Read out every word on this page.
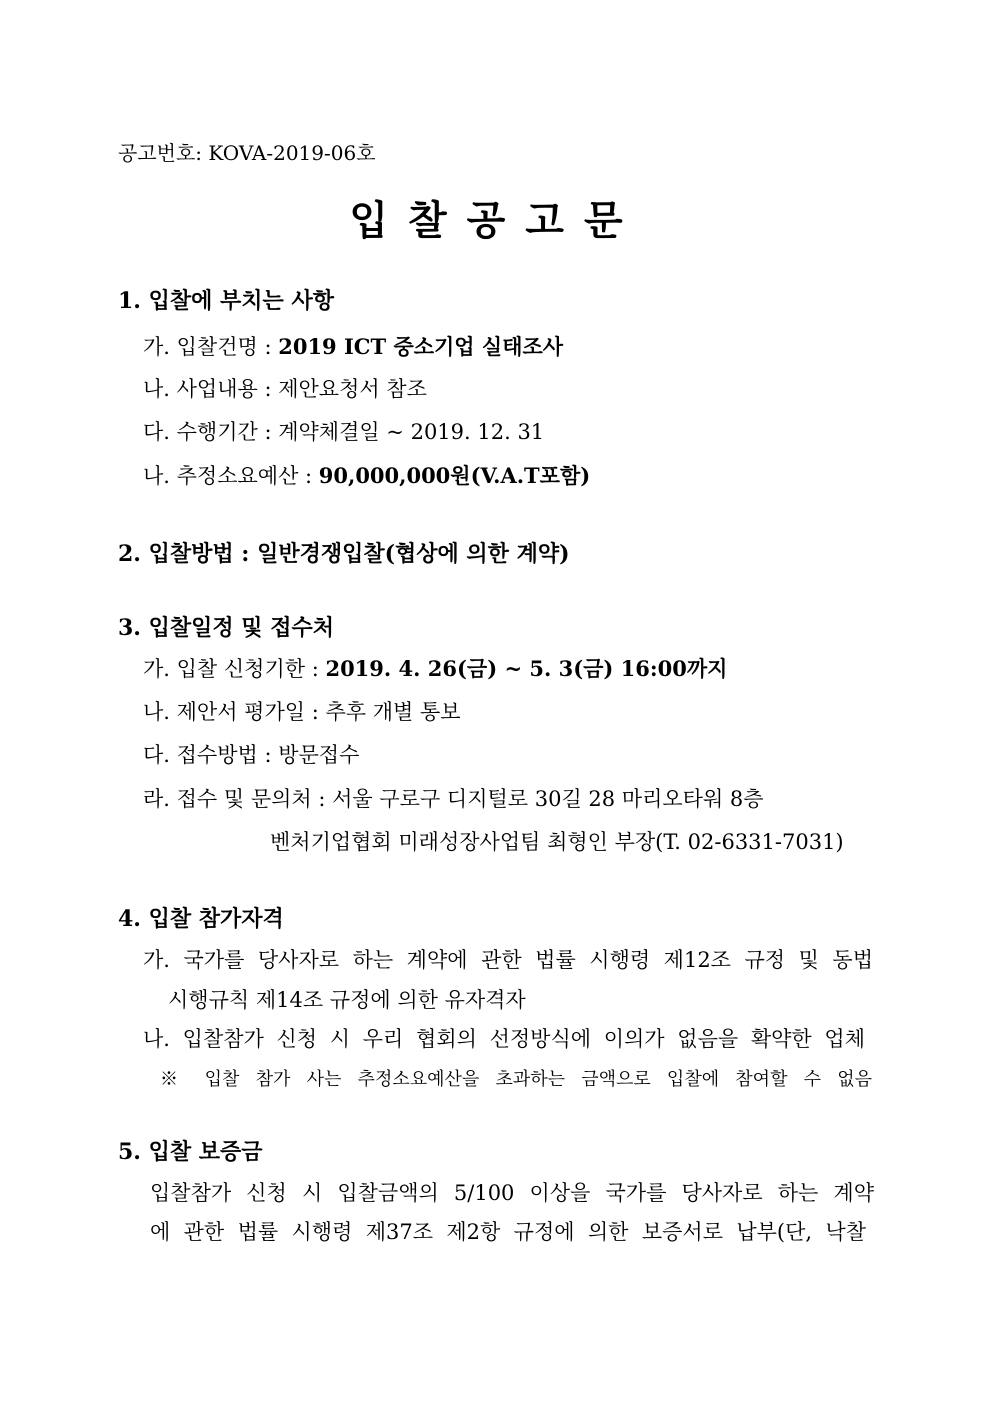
공고번호: KOVA-2019-06호
입찰공고문
1. 입찰에 부치는 사항
가. 입찰건명 : 2019 ICT 중소기업 실태조사
나. 사업내용 : 제안요청서 참조
다. 수행기간 : 계약체결일 ~ 2019. 12. 31
나. 추정소요예산 : 90,000,000원(V.A.T포함)
2. 입찰방법 : 일반경쟁입찰(협상에 의한 계약)
3. 입찰일정 및 접수처
가. 입찰 신청기한 : 2019. 4. 26(금) ~ 5. 3(금) 16:00까지
나. 제안서 평가일 : 추후 개별 통보
다. 접수방법 : 방문접수
라. 접수 및 문의처 : 서울 구로구 디지털로 30길 28 마리오타워 8층
벤처기업협회 미래성장사업팀 최형인 부장(T. 02-6331-7031)
4. 입찰 참가자격
가. 국가를 당사자로 하는 계약에 관한 법률 시행령 제12조 규정 및 동법
시행규칙 제14조 규정에 의한 유자격자
나. 입찰참가 신청 시 우리 협회의 선정방식에 이의가 없음을 확약한 업체
※ 입찰 참가 사는 추정소요예산을 초과하는 금액으로 입찰에 참여할 수 없음
5. 입찰 보증금
입찰참가 신청 시 입찰금액의 5/100 이상을 국가를 당사자로 하는 계약
에 관한 법률 시행령 제37조 제2항 규정에 의한 보증서로 납부(단, 낙찰
